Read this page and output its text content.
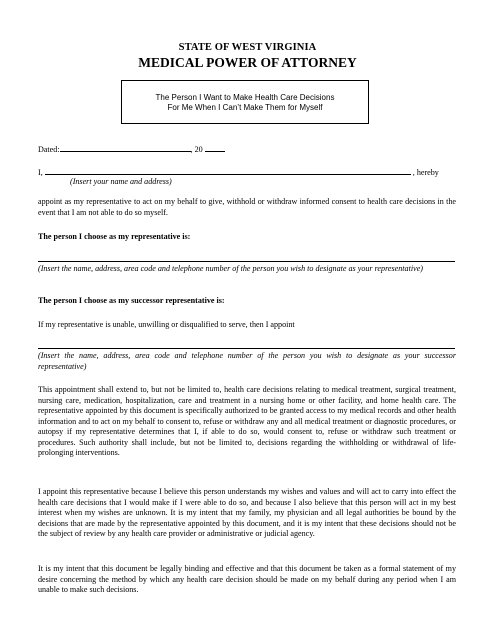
STATE OF WEST VIRGINIA
MEDICAL POWER OF ATTORNEY
The Person I Want to Make Health Care Decisions
For Me When I Can’t Make Them for Myself
Dated:	, 20
I,	, hereby
(Insert your name and address)
appoint as my representative to act on my behalf to give, withhold or withdraw informed consent to health care decisions in the event that I am not able to do so myself.
The person I choose as my representative is:
(Insert the name, address, area code and telephone number of the person you wish to designate as your representative)
The person I choose as my successor representative is:
If my representative is unable, unwilling or disqualified to serve, then I appoint
(Insert the name, address, area code and telephone number of the person you wish to designate as your successor representative)
This appointment shall extend to, but not be limited to, health care decisions relating to medical treatment, surgical treatment, nursing care, medication, hospitalization, care and treatment in a nursing home or other facility, and home health care. The representative appointed by this document is specifically authorized to be granted access to my medical records and other health information and to act on my behalf to consent to, refuse or withdraw any and all medical treatment or diagnostic procedures, or autopsy if my representative determines that I, if able to do so, would consent to, refuse or withdraw such treatment or procedures. Such authority shall include, but not be limited to, decisions regarding the withholding or withdrawal of life-prolonging interventions.
I appoint this representative because I believe this person understands my wishes and values and will act to carry into effect the health care decisions that I would make if I were able to do so, and because I also believe that this person will act in my best interest when my wishes are unknown. It is my intent that my family, my physician and all legal authorities be bound by the decisions that are made by the representative appointed by this document, and it is my intent that these decisions should not be the subject of review by any health care provider or administrative or judicial agency.
It is my intent that this document be legally binding and effective and that this document be taken as a formal statement of my desire concerning the method by which any health care decision should be made on my behalf during any period when I am unable to make such decisions.
